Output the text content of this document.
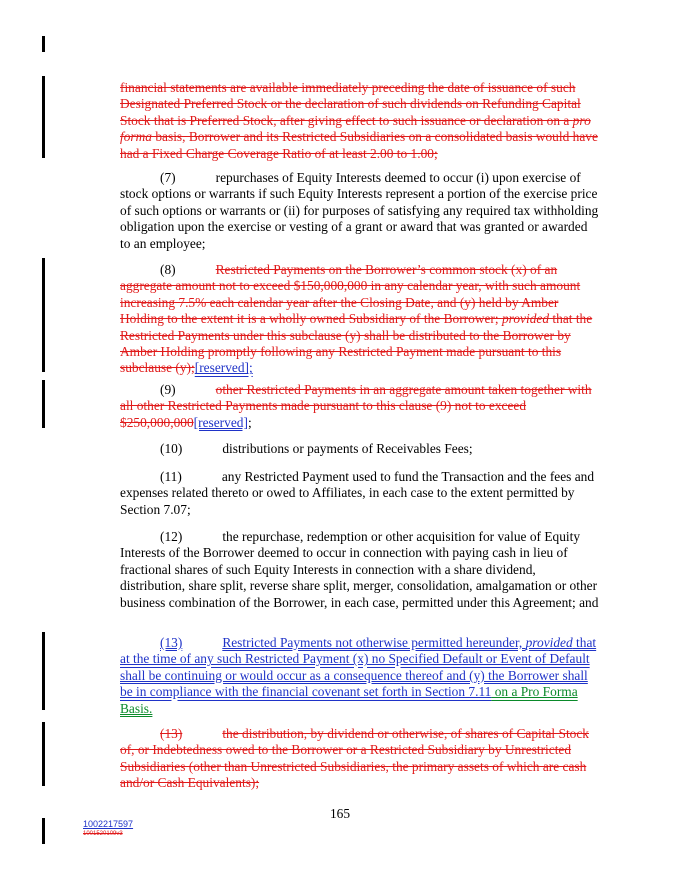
financial statements are available immediately preceding the date of issuance of such Designated Preferred Stock or the declaration of such dividends on Refunding Capital Stock that is Preferred Stock, after giving effect to such issuance or declaration on a pro forma basis, Borrower and its Restricted Subsidiaries on a consolidated basis would have had a Fixed Charge Coverage Ratio of at least 2.00 to 1.00;

(7)	repurchases of Equity Interests deemed to occur (i) upon exercise of stock options or warrants if such Equity Interests represent a portion of the exercise price of such options or warrants or (ii) for purposes of satisfying any required tax withholding obligation upon the exercise or vesting of a grant or award that was granted or awarded to an employee;

(8)	Restricted Payments on the Borrower’s common stock (x) of an aggregate amount not to exceed $150,000,000 in any calendar year, with such amount increasing 7.5% each calendar year after the Closing Date, and (y) held by Amber Holding to the extent it is a wholly owned Subsidiary of the Borrower; provided that the Restricted Payments under this subclause (y) shall be distributed to the Borrower by Amber Holding promptly following any Restricted Payment made pursuant to this subclause (y);[reserved];

(9)	other Restricted Payments in an aggregate amount taken together with all other Restricted Payments made pursuant to this clause (9) not to exceed $250,000,000[reserved];

(10)	distributions or payments of Receivables Fees;

(11)	any Restricted Payment used to fund the Transaction and the fees and expenses related thereto or owed to Affiliates, in each case to the extent permitted by Section 7.07;

(12)	the repurchase, redemption or other acquisition for value of Equity Interests of the Borrower deemed to occur in connection with paying cash in lieu of fractional shares of such Equity Interests in connection with a share dividend, distribution, share split, reverse share split, merger, consolidation, amalgamation or other business combination of the Borrower, in each case, permitted under this Agreement; and

(13)	Restricted Payments not otherwise permitted hereunder, provided that at the time of any such Restricted Payment (x) no Specified Default or Event of Default shall be continuing or would occur as a consequence thereof and (y) the Borrower shall be in compliance with the financial covenant set forth in Section 7.11 on a Pro Forma Basis.

(13)	the distribution, by dividend or otherwise, of shares of Capital Stock of, or Indebtedness owed to the Borrower or a Restricted Subsidiary by Unrestricted Subsidiaries (other than Unrestricted Subsidiaries, the primary assets of which are cash and/or Cash Equivalents);

165
1002217597
1001520109v3
